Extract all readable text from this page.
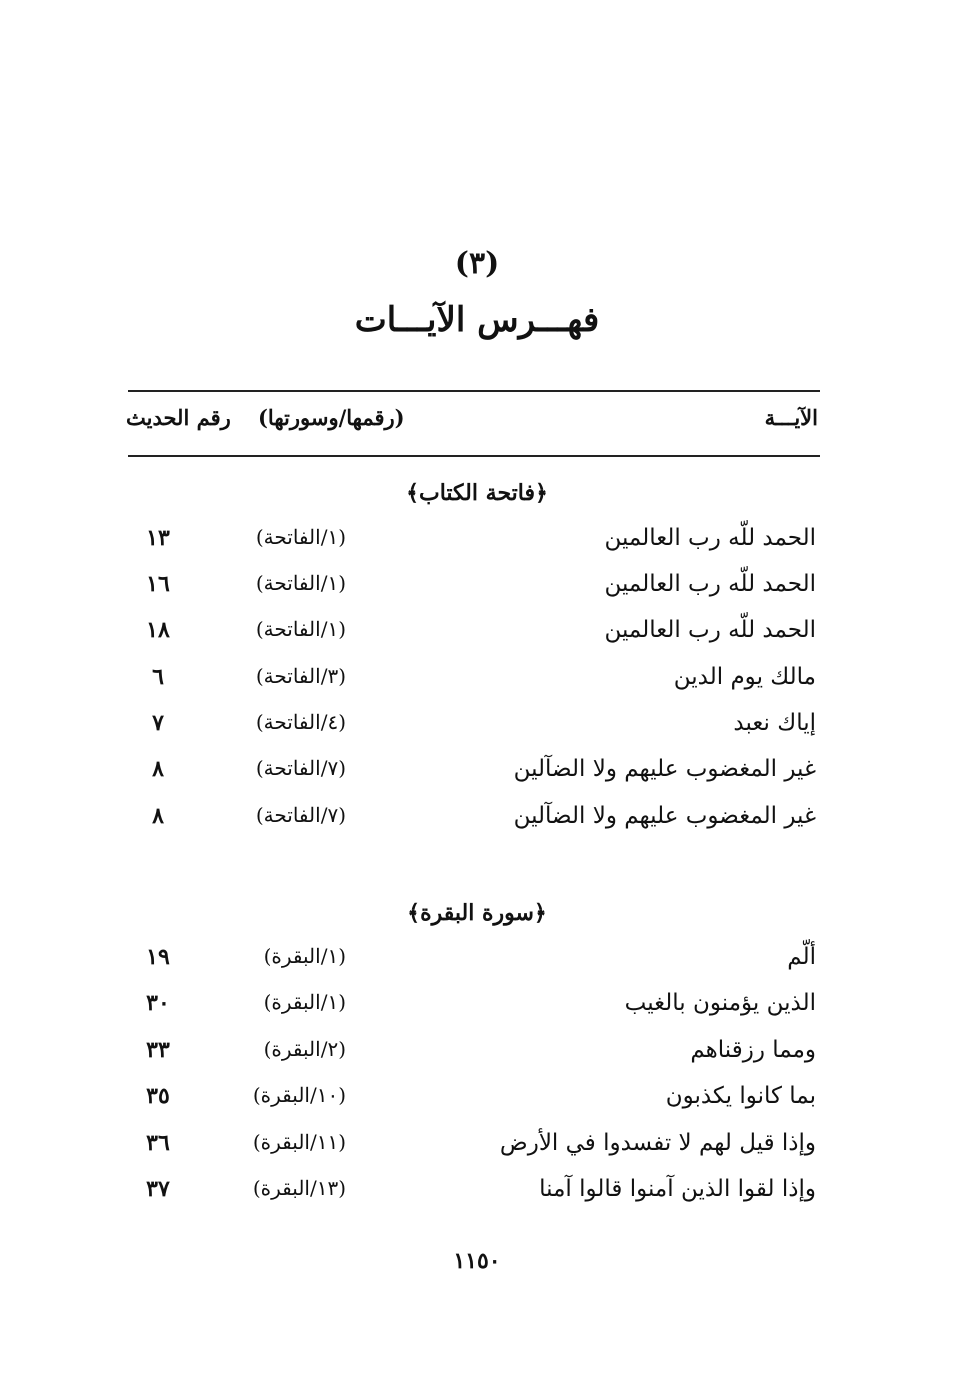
(٣)
فهـــرس الآيـــات
الآيـــة
(رقمها/وسورتها)
رقم الحديث
﴿فاتحة الكتاب﴾
الحمد للّه رب العالمين
(١/الفاتحة)
١٣
الحمد للّه رب العالمين
(١/الفاتحة)
١٦
الحمد للّه رب العالمين
(١/الفاتحة)
١٨
مالك يوم الدين
(٣/الفاتحة)
٦
إياك نعبد
(٤/الفاتحة)
٧
غير المغضوب عليهم ولا الضآلين
(٧/الفاتحة)
٨
غير المغضوب عليهم ولا الضآلين
(٧/الفاتحة)
٨
﴿سورة البقرة﴾
ألّم
(١/البقرة)
١٩
الذين يؤمنون بالغيب
(١/البقرة)
٣٠
ومما رزقناهم
(٢/البقرة)
٣٣
بما كانوا يكذبون
(١٠/البقرة)
٣٥
وإذا قيل لهم لا تفسدوا في الأرض
(١١/البقرة)
٣٦
وإذا لقوا الذين آمنوا قالوا آمنا
(١٣/البقرة)
٣٧
١١٥٠
